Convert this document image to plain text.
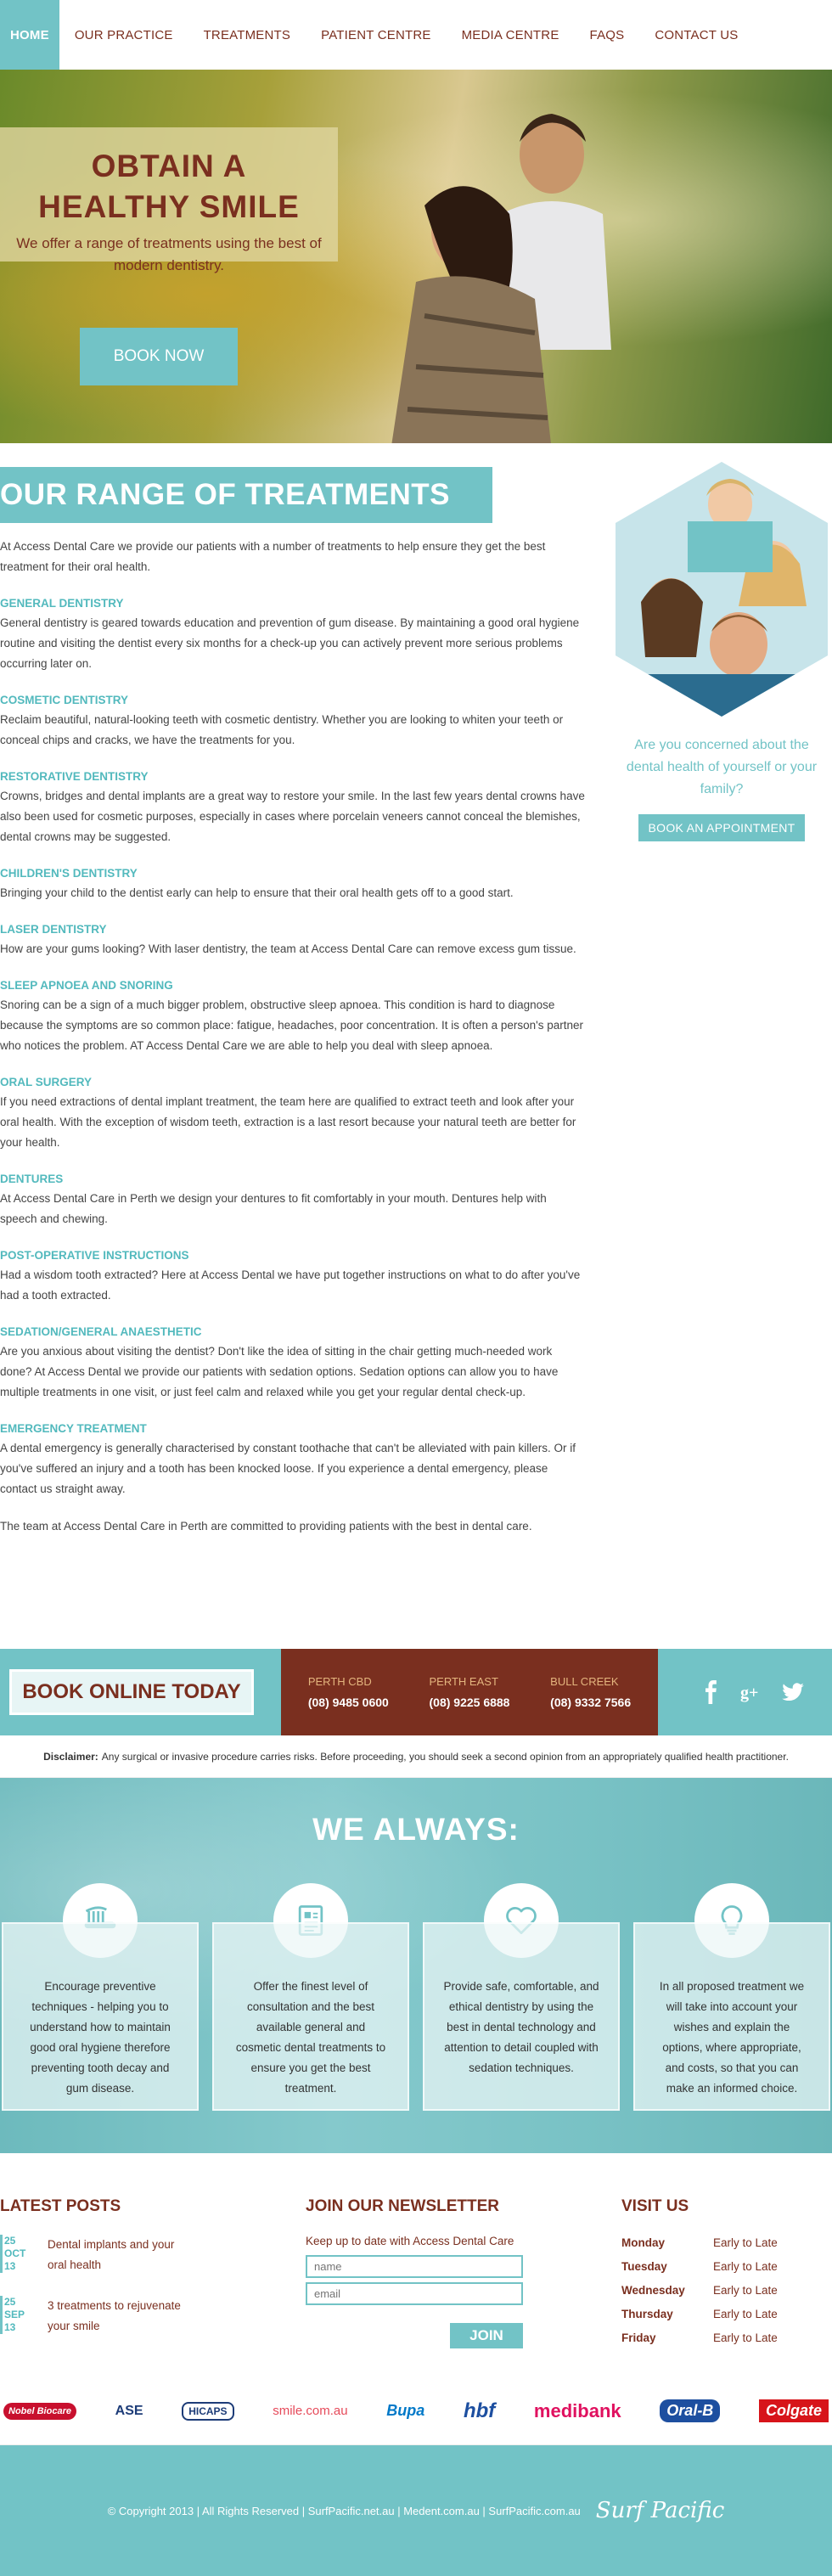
HOME	OUR PRACTICE	TREATMENTS	PATIENT CENTRE	MEDIA CENTRE	FAQS	CONTACT US
OBTAIN A
HEALTHY SMILE
We offer a range of treatments using the best of modern dentistry.
BOOK NOW
OUR RANGE OF TREATMENTS

At Access Dental Care we provide our patients with a number of treatments to help ensure they get the best treatment for their oral health.

GENERAL DENTISTRY
General dentistry is geared towards education and prevention of gum disease. By maintaining a good oral hygiene routine and visiting the dentist every six months for a check-up you can actively prevent more serious problems occurring later on.
COSMETIC DENTISTRY
Reclaim beautiful, natural-looking teeth with cosmetic dentistry. Whether you are looking to whiten your teeth or conceal chips and cracks, we have the treatments for you.
RESTORATIVE DENTISTRY
Crowns, bridges and dental implants are a great way to restore your smile. In the last few years dental crowns have also been used for cosmetic purposes, especially in cases where porcelain veneers cannot conceal the blemishes, dental crowns may be suggested.
CHILDREN'S DENTISTRY
Bringing your child to the dentist early can help to ensure that their oral health gets off to a good start.
LASER DENTISTRY
How are your gums looking? With laser dentistry, the team at Access Dental Care can remove excess gum tissue.
SLEEP APNOEA AND SNORING
Snoring can be a sign of a much bigger problem, obstructive sleep apnoea. This condition is hard to diagnose because the symptoms are so common place: fatigue, headaches, poor concentration. It is often a person's partner who notices the problem. AT Access Dental Care we are able to help you deal with sleep apnoea.
ORAL SURGERY
If you need extractions of dental implant treatment, the team here are qualified to extract teeth and look after your oral health. With the exception of wisdom teeth, extraction is a last resort because your natural teeth are better for your health.
DENTURES
At Access Dental Care in Perth we design your dentures to fit comfortably in your mouth. Dentures help with speech and chewing.
POST-OPERATIVE INSTRUCTIONS
Had a wisdom tooth extracted? Here at Access Dental we have put together instructions on what to do after you've had a tooth extracted.
SEDATION/GENERAL ANAESTHETIC
Are you anxious about visiting the dentist? Don't like the idea of sitting in the chair getting much-needed work done? At Access Dental we provide our patients with sedation options. Sedation options can allow you to have multiple treatments in one visit, or just feel calm and relaxed while you get your regular dental check-up.
EMERGENCY TREATMENT
A dental emergency is generally characterised by constant toothache that can't be alleviated with pain killers. Or if you've suffered an injury and a tooth has been knocked loose. If you experience a dental emergency, please contact us straight away.

The team at Access Dental Care in Perth are committed to providing patients with the best in dental care.

Are you concerned about the dental health of yourself or your family?
BOOK AN APPOINTMENT
BOOK ONLINE TODAY	PERTH CBD
(08) 9485 0600
PERTH EAST
(08) 9225 6888
BULL CREEK
(08) 9332 7566	g+
Disclaimer: Any surgical or invasive procedure carries risks. Before proceeding, you should seek a second opinion from an appropriately qualified health practitioner.
WE ALWAYS:
Encourage preventive techniques - helping you to understand how to maintain good oral hygiene therefore preventing tooth decay and gum disease.
Offer the finest level of consultation and the best available general and cosmetic dental treatments to ensure you get the best treatment.
Provide safe, comfortable, and ethical dentistry by using the best in dental technology and attention to detail coupled with sedation techniques.
In all proposed treatment we will take into account your wishes and explain the options, where appropriate, and costs, so that you can make an informed choice.
LATEST POSTS
25
OCT
13
Dental implants and your oral health
25
SEP
13
3 treatments to rejuvenate your smile
JOIN OUR NEWSLETTER
Keep up to date with Access Dental Care
name
email
JOIN
VISIT US
Monday	Early to Late
Tuesday	Early to Late
Wednesday	Early to Late
Thursday	Early to Late
Friday	Early to Late
Nobel Biocare	ASE	HICAPS	smile.com.au	Bupa hbf medibank	Oral-B	Colgate
© Copyright 2013 | All Rights Reserved | SurfPacific.net.au | Medent.com.au | SurfPacific.com.au Surf Pacific
